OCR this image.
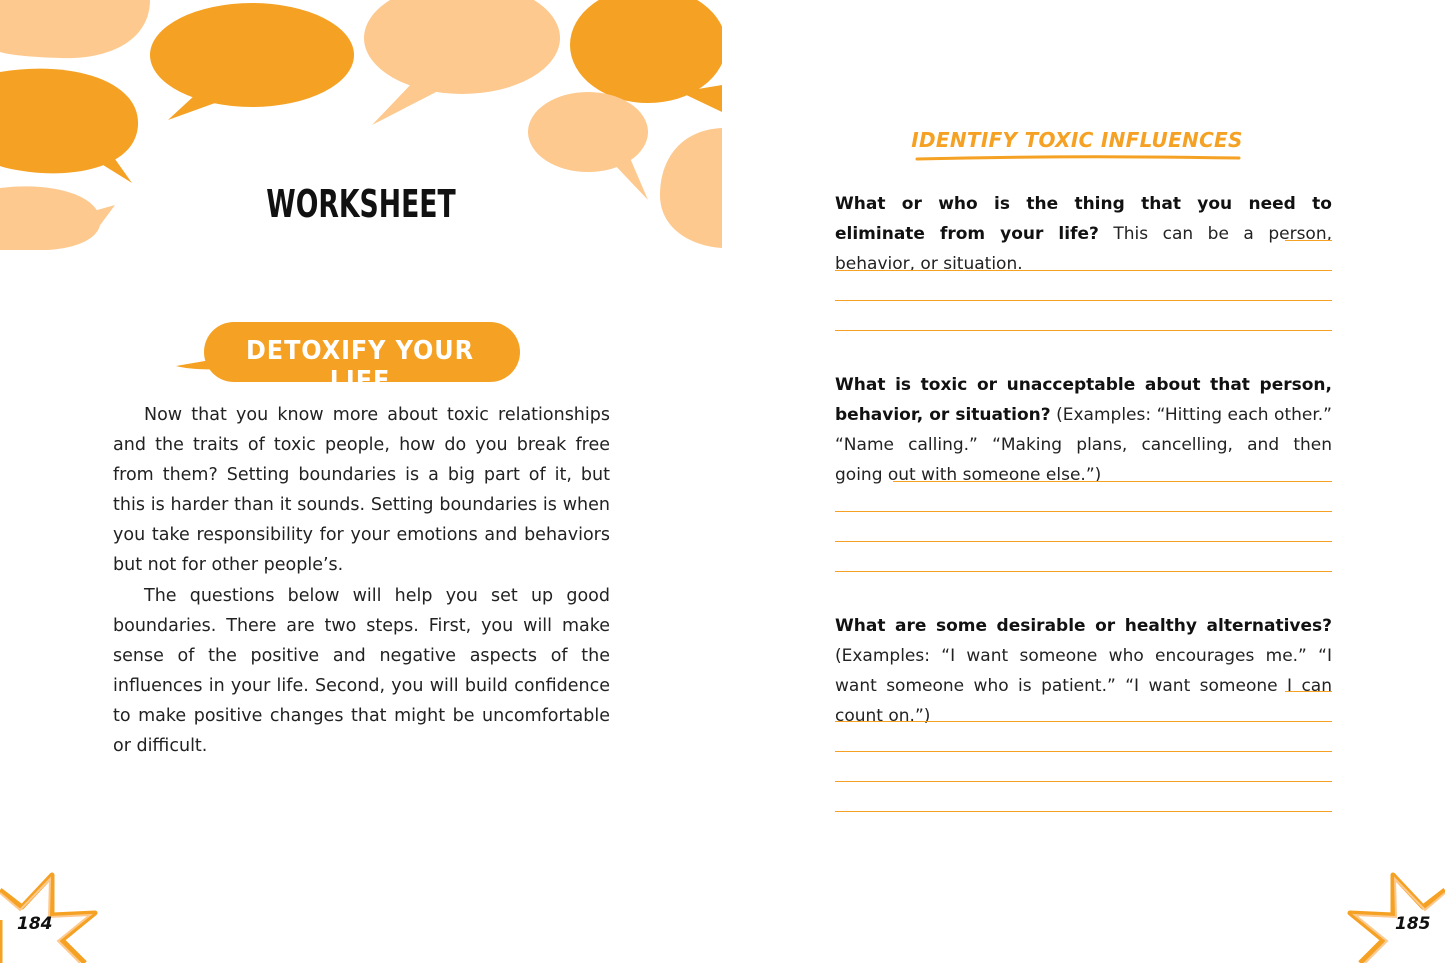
WORKSHEET
DETOXIFY YOUR LIFE

Now that you know more about toxic relationships and the traits of toxic people, how do you break free from them? Setting boundaries is a big part of it, but this is harder than it sounds. Setting boundaries is when you take responsibility for your emotions and behaviors but not for other people’s.

The questions below will help you set up good boundaries. There are two steps. First, you will make sense of the positive and negative aspects of the influences in your life. Second, you will build confidence to make positive changes that might be uncomfortable or difficult.

184
IDENTIFY TOXIC INFLUENCES
What or who is the thing that you need to eliminate from your life? This can be a person, behavior, or situation.
What is toxic or unacceptable about that person, behavior, or situation? (Examples: “Hitting each other.” “Name calling.” “Making plans, cancelling, and then going out with someone else.”)
What are some desirable or healthy alternatives? (Examples: “I want someone who encourages me.” “I want someone who is patient.” “I want someone I can count on.”)
185
